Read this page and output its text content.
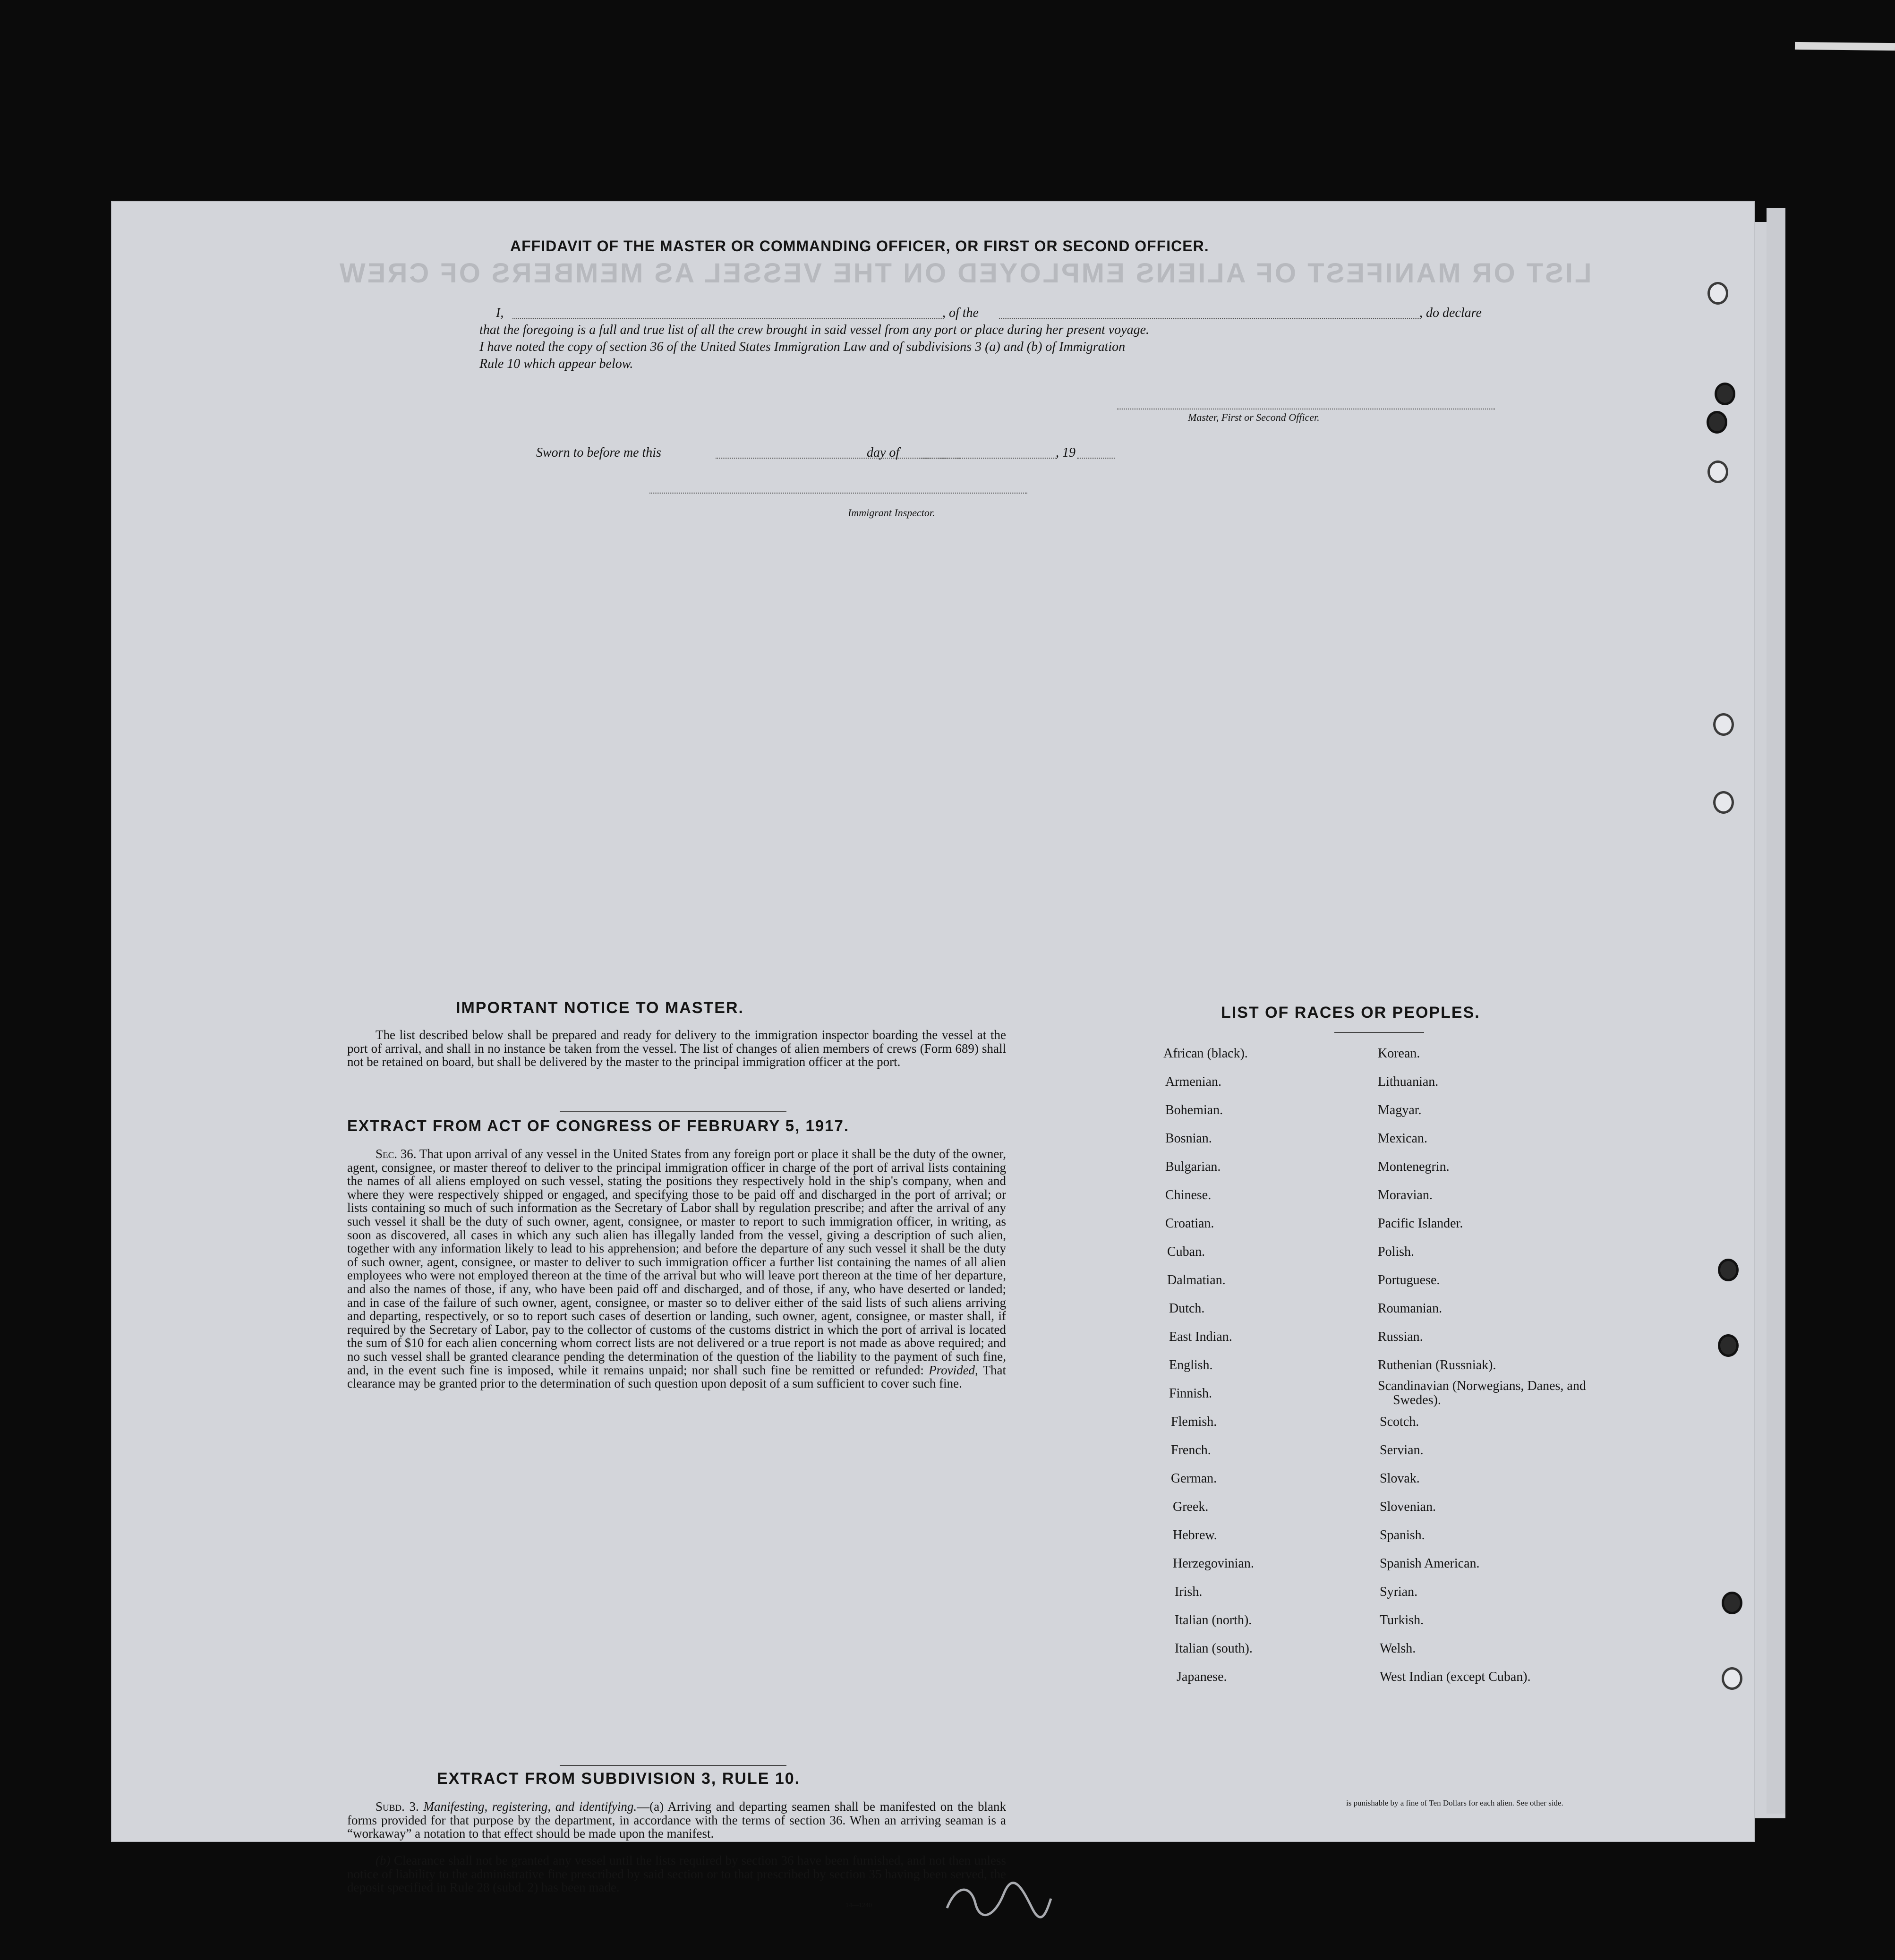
LIST OR MANIFEST OF ALIENS EMPLOYED ON THE VESSEL AS MEMBERS OF CREW
AFFIDAVIT OF THE MASTER OR COMMANDING OFFICER, OR FIRST OR SECOND OFFICER.
I,	, of the	, do declare
that the foregoing is a full and true list of all the crew brought in said vessel from any port or place during her present voyage.
I have noted the copy of section 36 of the United States Immigration Law and of subdivisions 3 (a) and (b) of Immigration
Rule 10 which appear below.
Master, First or Second Officer.
Sworn to before me this	day of	, 19
Immigrant Inspector.
IMPORTANT NOTICE TO MASTER.
The list described below shall be prepared and ready for delivery to the immigration inspector boarding the vessel at the port of arrival, and shall in no instance be taken from the vessel. The list of changes of alien members of crews (Form 689) shall not be retained on board, but shall be delivered by the master to the principal immigration officer at the port.
EXTRACT FROM ACT OF CONGRESS OF FEBRUARY 5, 1917.
Sec. 36. That upon arrival of any vessel in the United States from any foreign port or place it shall be the duty of the owner, agent, consignee, or master thereof to deliver to the principal immigration officer in charge of the port of arrival lists containing the names of all aliens employed on such vessel, stating the positions they respectively hold in the ship's company, when and where they were respectively shipped or engaged, and specifying those to be paid off and discharged in the port of arrival; or lists containing so much of such information as the Secretary of Labor shall by regulation prescribe; and after the arrival of any such vessel it shall be the duty of such owner, agent, consignee, or master to report to such immigration officer, in writing, as soon as discovered, all cases in which any such alien has illegally landed from the vessel, giving a description of such alien, together with any information likely to lead to his apprehension; and before the departure of any such vessel it shall be the duty of such owner, agent, consignee, or master to deliver to such immigration officer a further list containing the names of all alien employees who were not employed thereon at the time of the arrival but who will leave port thereon at the time of her departure, and also the names of those, if any, who have been paid off and discharged, and of those, if any, who have deserted or landed; and in case of the failure of such owner, agent, consignee, or master so to deliver either of the said lists of such aliens arriving and departing, respectively, or so to report such cases of desertion or landing, such owner, agent, consignee, or master shall, if required by the Secretary of Labor, pay to the collector of customs of the customs district in which the port of arrival is located the sum of $10 for each alien concerning whom correct lists are not delivered or a true report is not made as above required; and no such vessel shall be granted clearance pending the determination of the question of the liability to the payment of such fine, and, in the event such fine is imposed, while it remains unpaid; nor shall such fine be remitted or refunded: Provided, That clearance may be granted prior to the determination of such question upon deposit of a sum sufficient to cover such fine.
EXTRACT FROM SUBDIVISION 3, RULE 10.
Subd. 3. Manifesting, registering, and identifying.—(a) Arriving and departing seamen shall be manifested on the blank forms provided for that purpose by the department, in accordance with the terms of section 36. When an arriving seaman is a “workaway” a notation to that effect should be made upon the manifest.
(b) Clearance shall not be granted any vessel until the lists required by section 36 have been furnished, and not then unless notice of liability to the administrative fine prescribed by said section or to that prescribed by section 35 having been served, the deposit specified in Rule 28 (subd. 2) has been made.
14—1240
LIST OF RACES OR PEOPLES.
African (black).
Armenian.
Bohemian.
Bosnian.
Bulgarian.
Chinese.
Croatian.
Cuban.
Dalmatian.
Dutch.
East Indian.
English.
Finnish.
Flemish.
French.
German.
Greek.
Hebrew.
Herzegovinian.
Irish.
Italian (north).
Italian (south).
Japanese.
Korean.
Lithuanian.
Magyar.
Mexican.
Montenegrin.
Moravian.
Pacific Islander.
Polish.
Portuguese.
Roumanian.
Russian.
Ruthenian (Russniak).
Scandinavian (Norwegians, Danes, and Swedes).
Scotch.
Servian.
Slovak.
Slovenian.
Spanish.
Spanish American.
Syrian.
Turkish.
Welsh.
West Indian (except Cuban).
is punishable by a fine of Ten Dollars for each alien. See other side.
